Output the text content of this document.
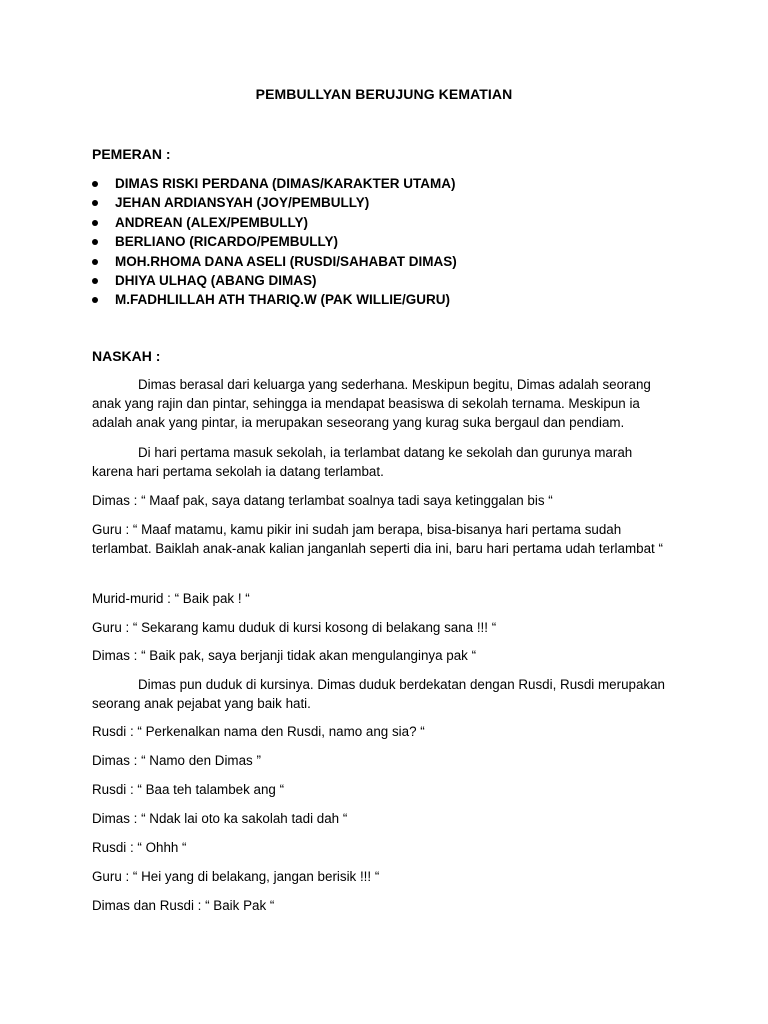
PEMBULLYAN BERUJUNG KEMATIAN
PEMERAN :
DIMAS RISKI PERDANA (DIMAS/KARAKTER UTAMA)
JEHAN ARDIANSYAH (JOY/PEMBULLY)
ANDREAN (ALEX/PEMBULLY)
BERLIANO (RICARDO/PEMBULLY)
MOH.RHOMA DANA ASELI (RUSDI/SAHABAT DIMAS)
DHIYA ULHAQ (ABANG DIMAS)
M.FADHLILLAH ATH THARIQ.W (PAK WILLIE/GURU)
NASKAH :

Dimas berasal dari keluarga yang sederhana. Meskipun begitu, Dimas adalah seorang anak yang rajin dan pintar, sehingga ia mendapat beasiswa di sekolah ternama. Meskipun ia adalah anak yang pintar, ia merupakan seseorang yang kurag suka bergaul dan pendiam.

Di hari pertama masuk sekolah, ia terlambat datang ke sekolah dan gurunya marah karena hari pertama sekolah ia datang terlambat.

Dimas : “ Maaf pak, saya datang terlambat soalnya tadi saya ketinggalan bis “

Guru : “ Maaf matamu, kamu pikir ini sudah jam berapa, bisa-bisanya hari pertama sudah terlambat. Baiklah anak-anak kalian janganlah seperti dia ini, baru hari pertama udah terlambat “

Murid-murid : “ Baik pak ! “

Guru : “ Sekarang kamu duduk di kursi kosong di belakang sana !!! “

Dimas : “ Baik pak, saya berjanji tidak akan mengulanginya pak “

Dimas pun duduk di kursinya. Dimas duduk berdekatan dengan Rusdi, Rusdi merupakan seorang anak pejabat yang baik hati.

Rusdi : “ Perkenalkan nama den Rusdi, namo ang sia? “

Dimas : “ Namo den Dimas ”

Rusdi : “ Baa teh talambek ang “

Dimas : “ Ndak lai oto ka sakolah tadi dah “

Rusdi : “ Ohhh “

Guru : “ Hei yang di belakang, jangan berisik !!! “

Dimas dan Rusdi : “ Baik Pak “
